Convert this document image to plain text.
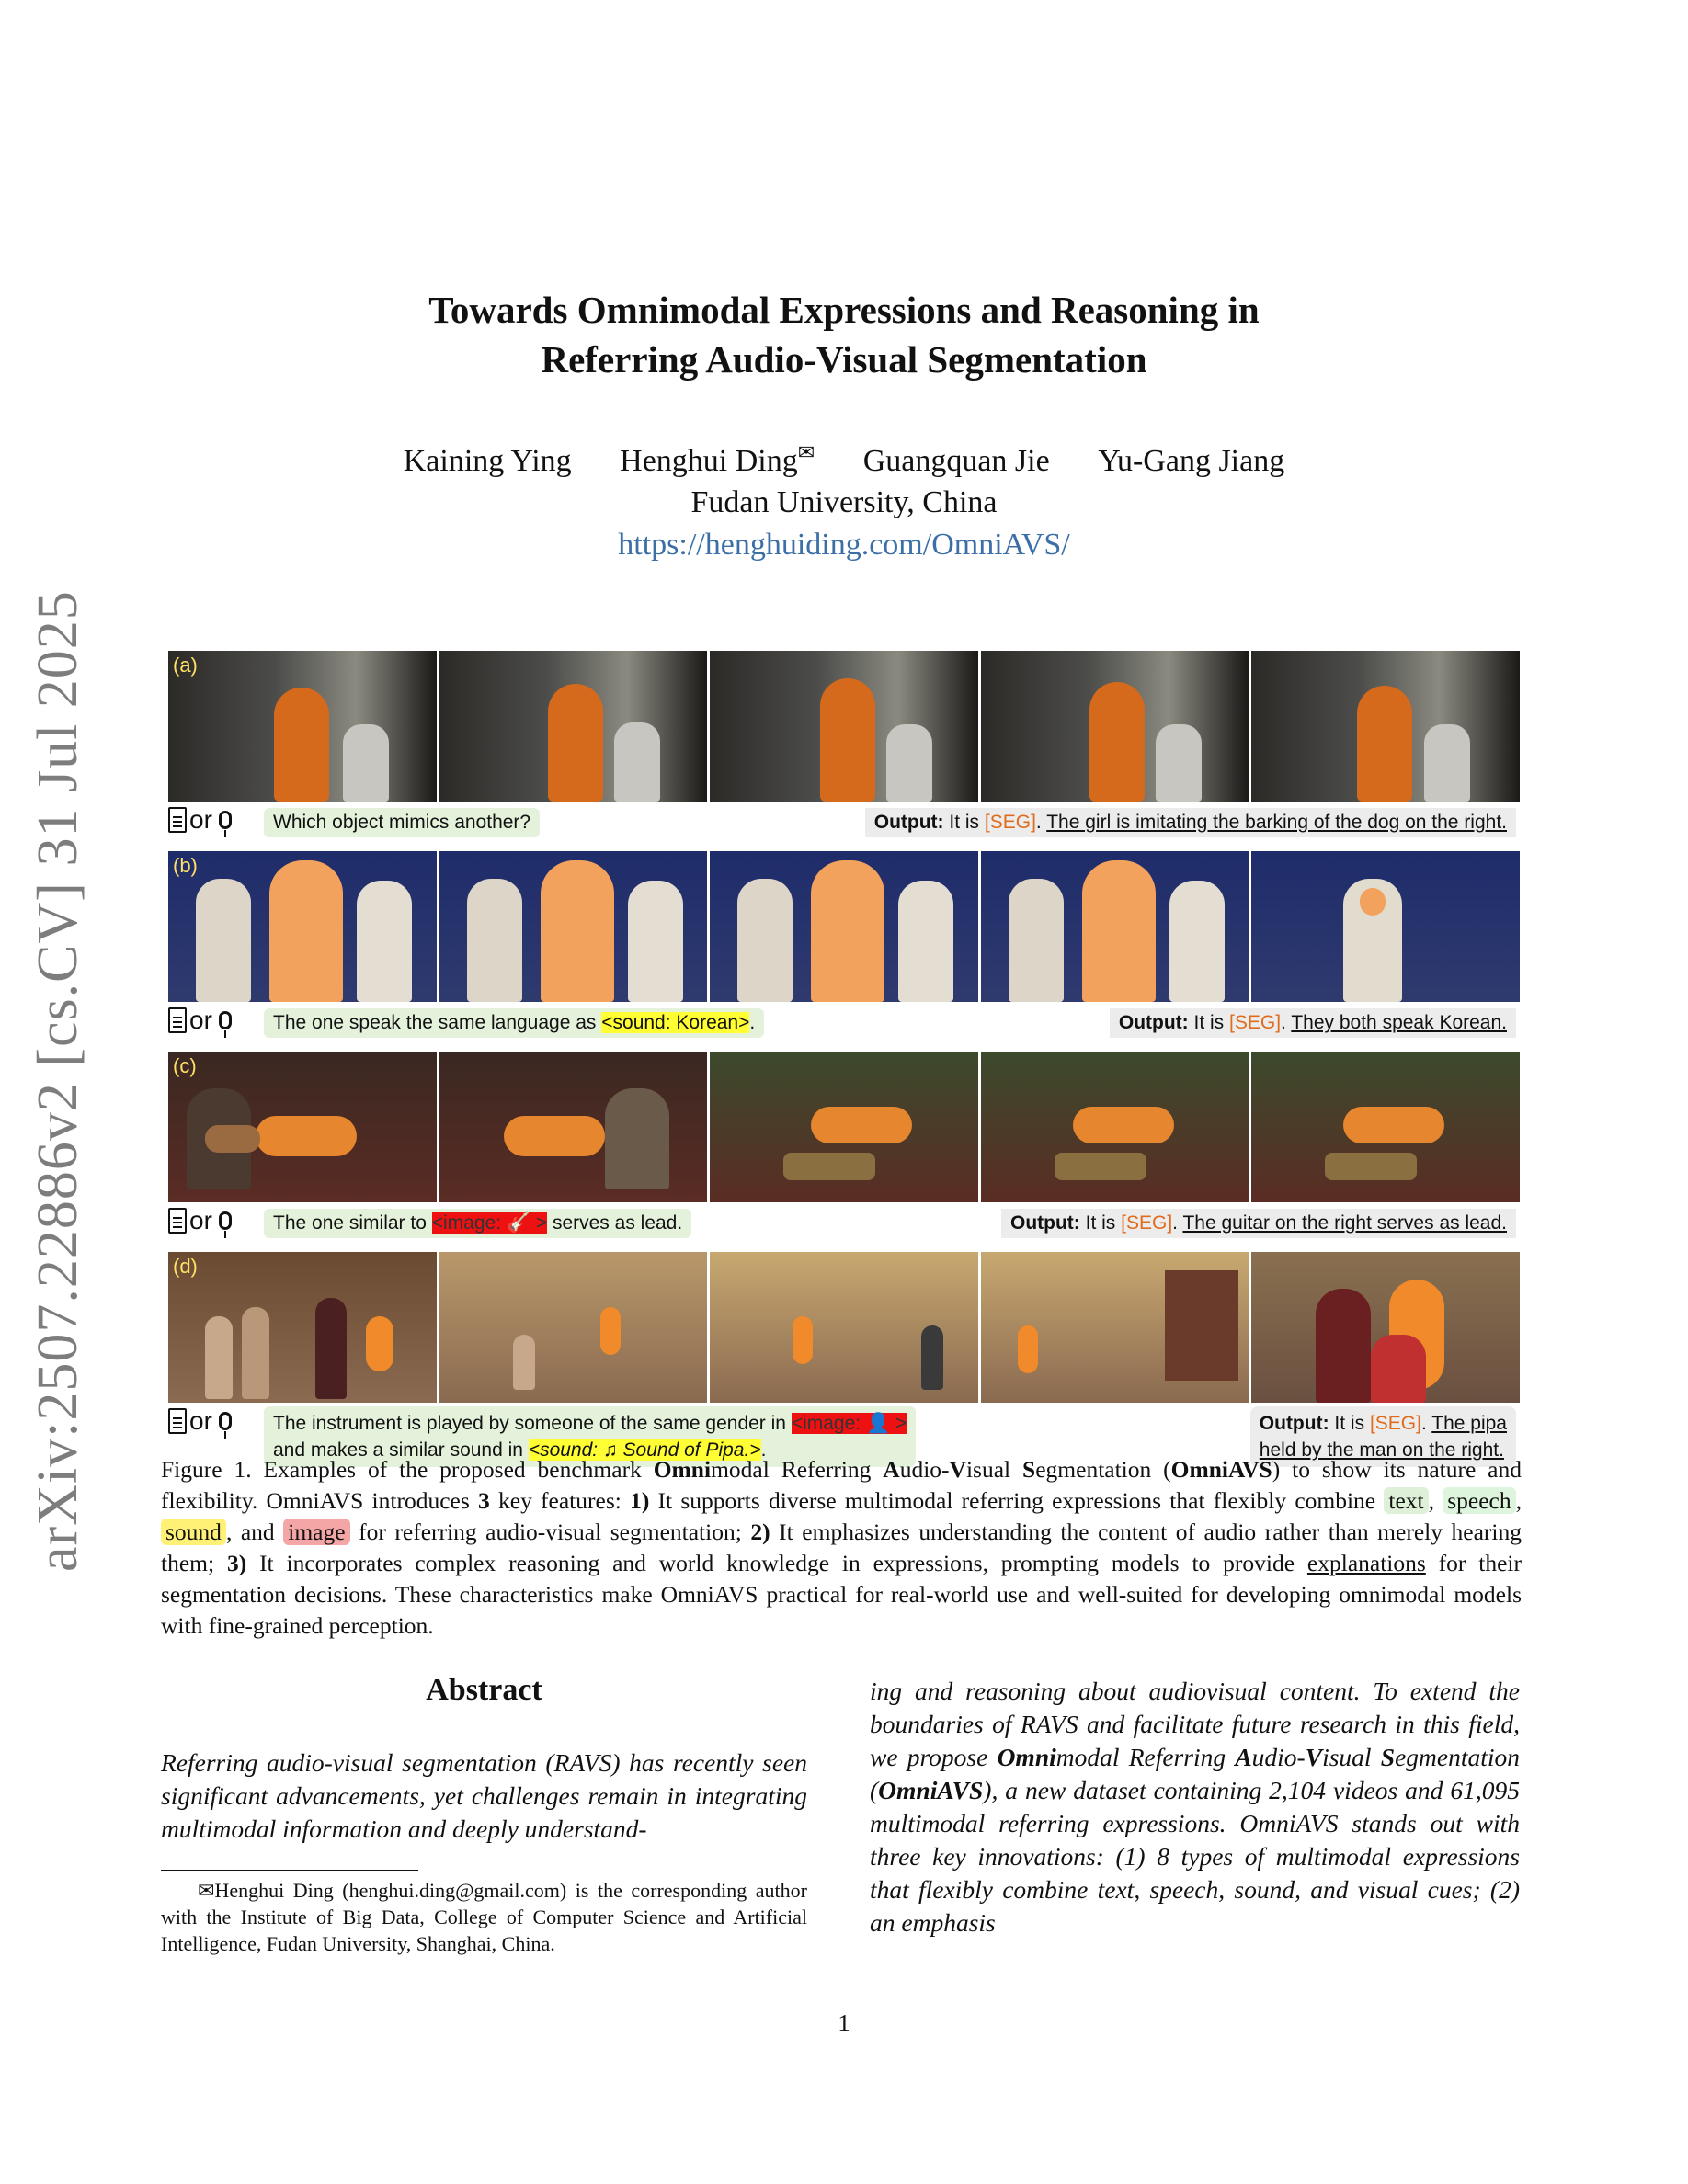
Towards Omnimodal Expressions and Reasoning in
Referring Audio-Visual Segmentation
Kaining Ying Henghui Ding✉ Guangquan Jie Yu-Gang Jiang
Fudan University, China
https://henghuiding.com/OmniAVS/
arXiv:2507.22886v2 [cs.CV] 31 Jul 2025	(a)
or	Which object mimics another?	Output: It is [SEG]. The girl is imitating the barking of the dog on the right.
(b)
or	The one speak the same language as <sound: Korean>.	Output: It is [SEG]. They both speak Korean.
(c)
or	The one similar to <image: 🎸 > serves as lead.	Output: It is [SEG]. The guitar on the right serves as lead.
(d)
or	The instrument is played by someone of the same gender in <image: 👤 >
and makes a similar sound in <sound: ♫ Sound of Pipa.>.
Output: It is [SEG]. The pipa
held by the man on the right.
Figure 1. Examples of the proposed benchmark Omnimodal Referring Audio-Visual Segmentation (OmniAVS) to show its nature and flexibility. OmniAVS introduces 3 key features: 1) It supports diverse multimodal referring expressions that flexibly combine text , speech , sound , and image for referring audio-visual segmentation; 2) It emphasizes understanding the content of audio rather than merely hearing them; 3) It incorporates complex reasoning and world knowledge in expressions, prompting models to provide explanations for their segmentation decisions. These characteristics make OmniAVS practical for real-world use and well-suited for developing omnimodal models with fine-grained perception.
Abstract
Referring audio-visual segmentation (RAVS) has recently seen significant advancements, yet challenges remain in integrating multimodal information and deeply understand-
ing and reasoning about audiovisual content. To extend the boundaries of RAVS and facilitate future research in this field, we propose Omnimodal Referring Audio-Visual Segmentation (OmniAVS), a new dataset containing 2,104 videos and 61,095 multimodal referring expressions. OmniAVS stands out with three key innovations: (1) 8 types of multimodal expressions that flexibly combine text, speech, sound, and visual cues; (2) an emphasis
✉Henghui Ding (henghui.ding@gmail.com) is the corresponding author with the Institute of Big Data, College of Computer Science and Artificial Intelligence, Fudan University, Shanghai, China.
1
